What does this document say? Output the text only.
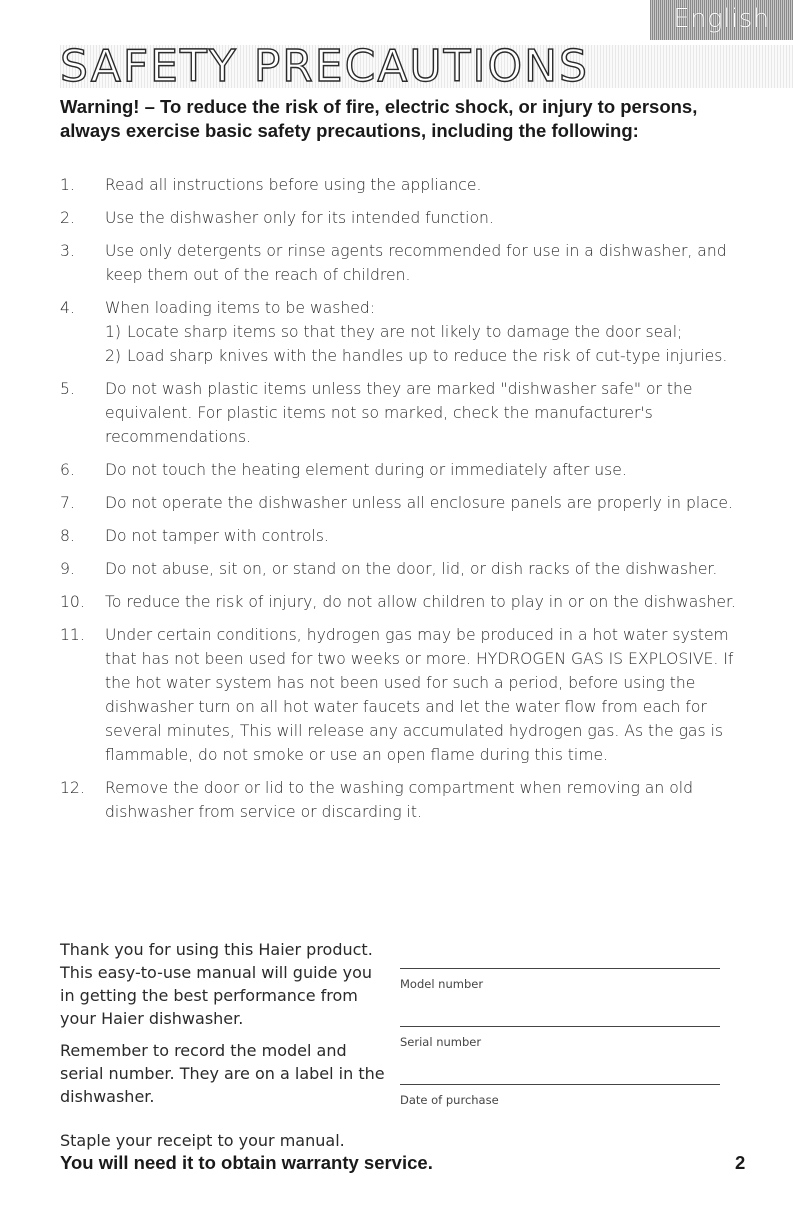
English
SAFETY PRECAUTIONS

Warning! – To reduce the risk of fire, electric shock, or injury to persons, always exercise basic safety precautions, including the following:

1. Read all instructions before using the appliance.
2. Use the dishwasher only for its intended function.
3. Use only detergents or rinse agents recommended for use in a dishwasher, and keep them out of the reach of children.
4. When loading items to be washed:
1) Locate sharp items so that they are not likely to damage the door seal;
2) Load sharp knives with the handles up to reduce the risk of cut-type injuries.
5. Do not wash plastic items unless they are marked "dishwasher safe" or the equivalent. For plastic items not so marked, check the manufacturer's recommendations.
6. Do not touch the heating element during or immediately after use.
7. Do not operate the dishwasher unless all enclosure panels are properly in place.
8. Do not tamper with controls.
9. Do not abuse, sit on, or stand on the door, lid, or dish racks of the dishwasher.
10. To reduce the risk of injury, do not allow children to play in or on the dishwasher.
11. Under certain conditions, hydrogen gas may be produced in a hot water system that has not been used for two weeks or more. HYDROGEN GAS IS EXPLOSIVE. If the hot water system has not been used for such a period, before using the dishwasher turn on all hot water faucets and let the water flow from each for several minutes, This will release any accumulated hydrogen gas. As the gas is flammable, do not smoke or use an open flame during this time.
12. Remove the door or lid to the washing compartment when removing an old dishwasher from service or discarding it.

Thank you for using this Haier product. This easy-to-use manual will guide you in getting the best performance from your Haier dishwasher.

Remember to record the model and serial number. They are on a label in the dishwasher.

Model number
Serial number
Date of purchase
Staple your receipt to your manual.
You will need it to obtain warranty service.	2
